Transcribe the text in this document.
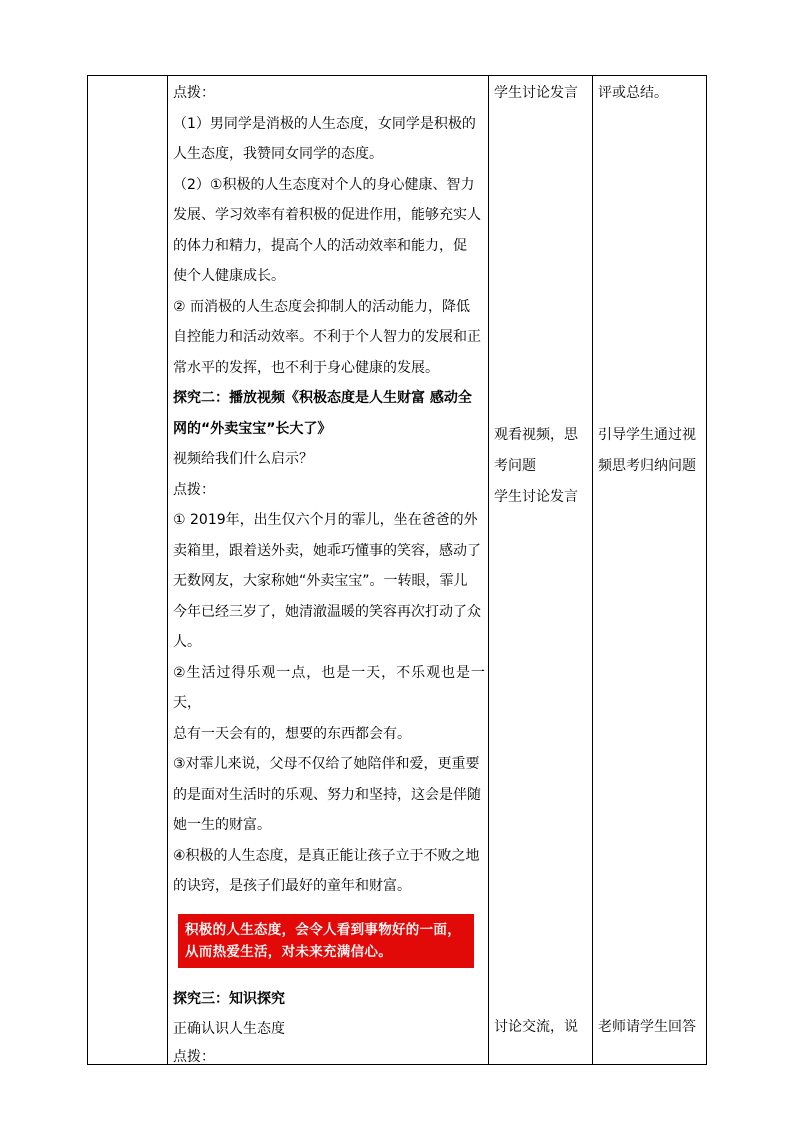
点拨：

（1）男同学是消极的人生态度，女同学是积极的

人生态度，我赞同女同学的态度。

（2）①积极的人生态度对个人的身心健康、智力

发展、学习效率有着积极的促进作用，能够充实人

的体力和精力，提高个人的活动效率和能力，促

使个人健康成长。

② 而消极的人生态度会抑制人的活动能力，降低

自控能力和活动效率。不利于个人智力的发展和正

常水平的发挥，也不利于身心健康的发展。

探究二：播放视频《积极态度是人生财富 感动全

网的“外卖宝宝”长大了》

视频给我们什么启示？

点拨：

① 2019年，出生仅六个月的霏儿，坐在爸爸的外

卖箱里，跟着送外卖，她乖巧懂事的笑容，感动了

无数网友，大家称她“外卖宝宝”。一转眼，霏儿

今年已经三岁了，她清澈温暖的笑容再次打动了众

人。

②生活过得乐观一点，也是一天，不乐观也是一天，

总有一天会有的，想要的东西都会有。

③对霏儿来说，父母不仅给了她陪伴和爱，更重要

的是面对生活时的乐观、努力和坚持，这会是伴随

她一生的财富。

④积极的人生态度，是真正能让孩子立于不败之地

的诀窍，是孩子们最好的童年和财富。

积极的人生态度，会令人看到事物好的一面，
从而热爱生活，对未来充满信心。

探究三：知识探究

正确认识人生态度

点拨：

学生讨论发言
观看视频，思
考问题
学生讨论发言
讨论交流，说
评或总结。
引导学生通过视
频思考归纳问题
老师请学生回答
